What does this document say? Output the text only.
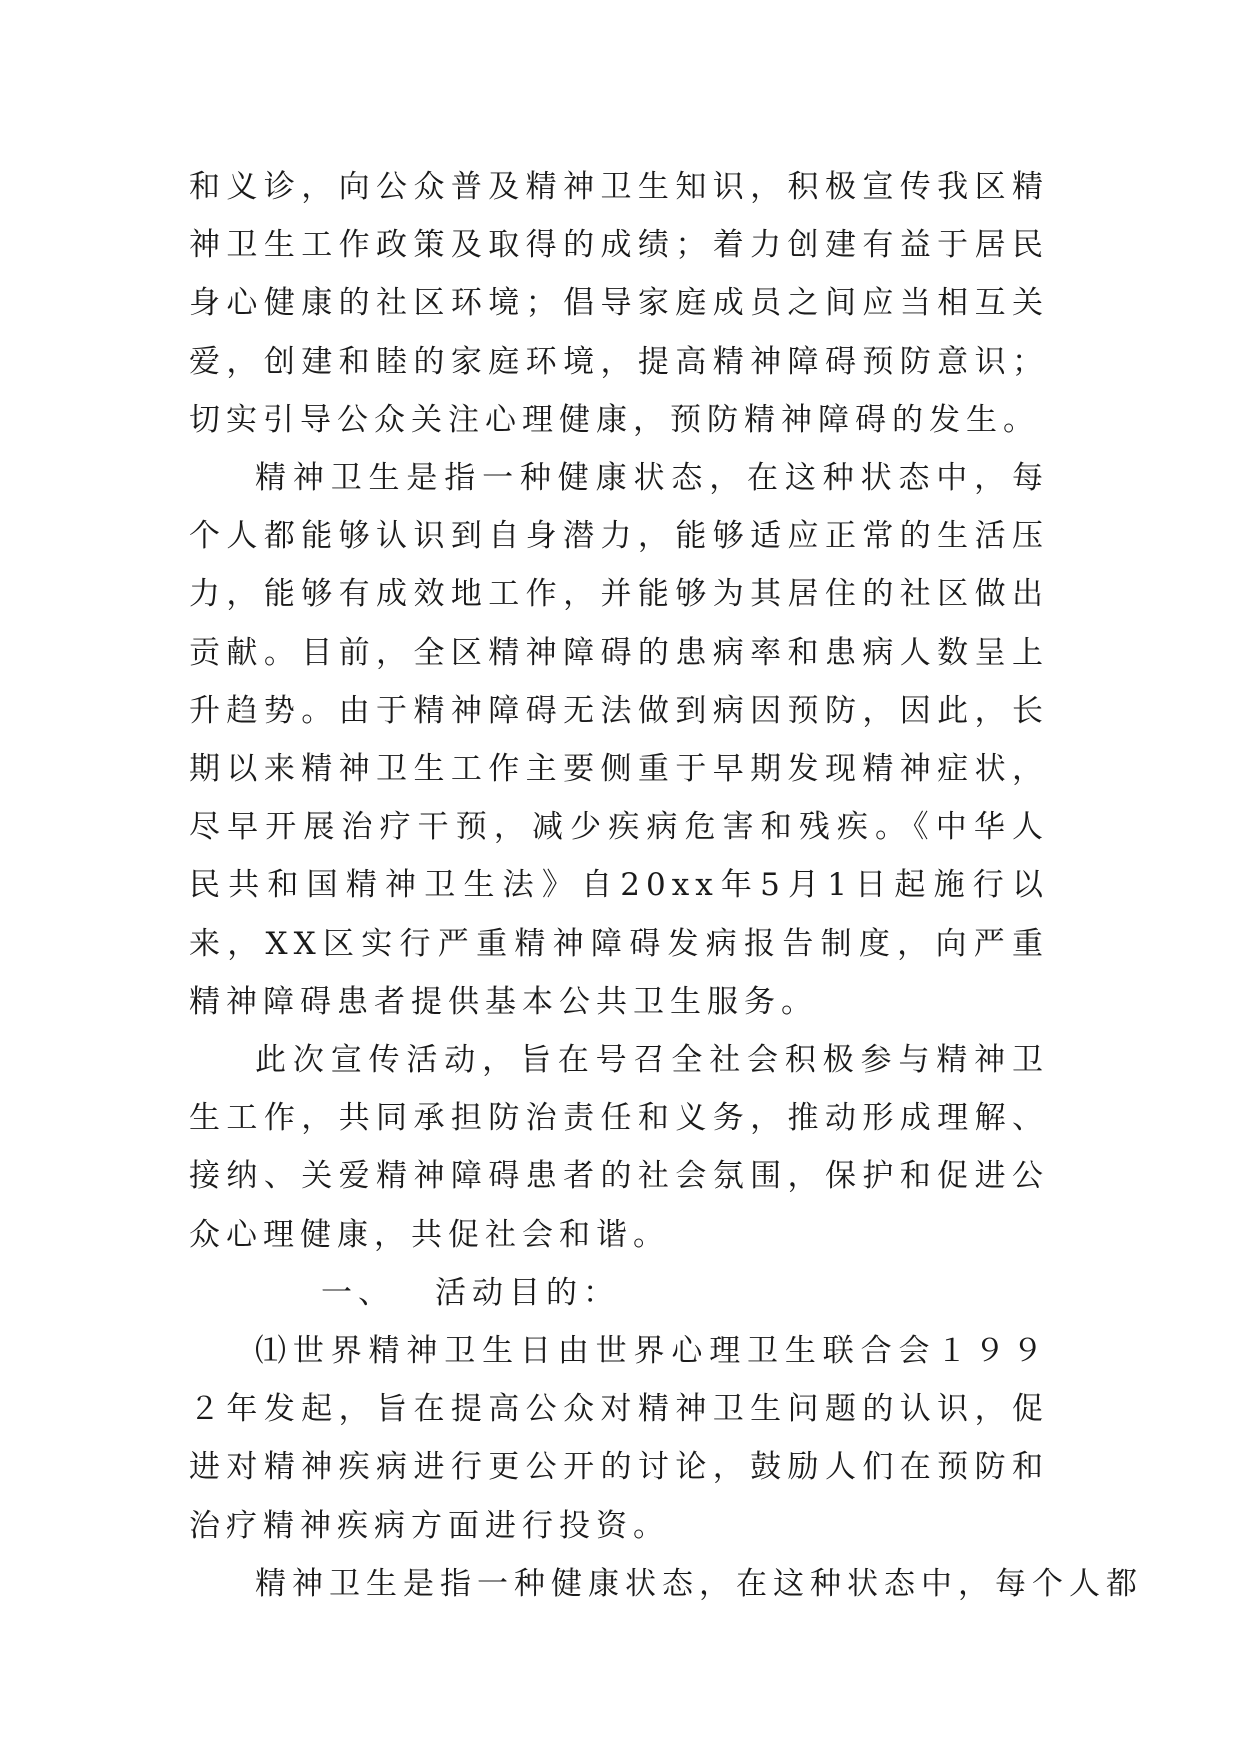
和义诊，向公众普及精神卫生知识，积极宣传我区精神卫生工作政策及取得的成绩；着力创建有益于居民身心健康的社区环境；倡导家庭成员之间应当相互关爱，创建和睦的家庭环境，提高精神障碍预防意识；切实引导公众关注心理健康，预防精神障碍的发生。

精神卫生是指一种健康状态，在这种状态中，每个人都能够认识到自身潜力，能够适应正常的生活压力，能够有成效地工作，并能够为其居住的社区做出贡献。目前，全区精神障碍的患病率和患病人数呈上升趋势。由于精神障碍无法做到病因预防，因此，长期以来精神卫生工作主要侧重于早期发现精神症状，尽早开展治疗干预，减少疾病危害和残疾。《中华人民共和国精神卫生法》自20xx年5月1日起施行以来，XX区实行严重精神障碍发病报告制度，向严重精神障碍患者提供基本公共卫生服务。

此次宣传活动，旨在号召全社会积极参与精神卫生工作，共同承担防治责任和义务，推动形成理解、接纳、关爱精神障碍患者的社会氛围，保护和促进公众心理健康，共促社会和谐。

一、 活动目的：

⑴世界精神卫生日由世界心理卫生联合会１９９２年发起，旨在提高公众对精神卫生问题的认识，促进对精神疾病进行更公开的讨论，鼓励人们在预防和治疗精神疾病方面进行投资。

精神卫生是指一种健康状态，在这种状态中，每个人都
